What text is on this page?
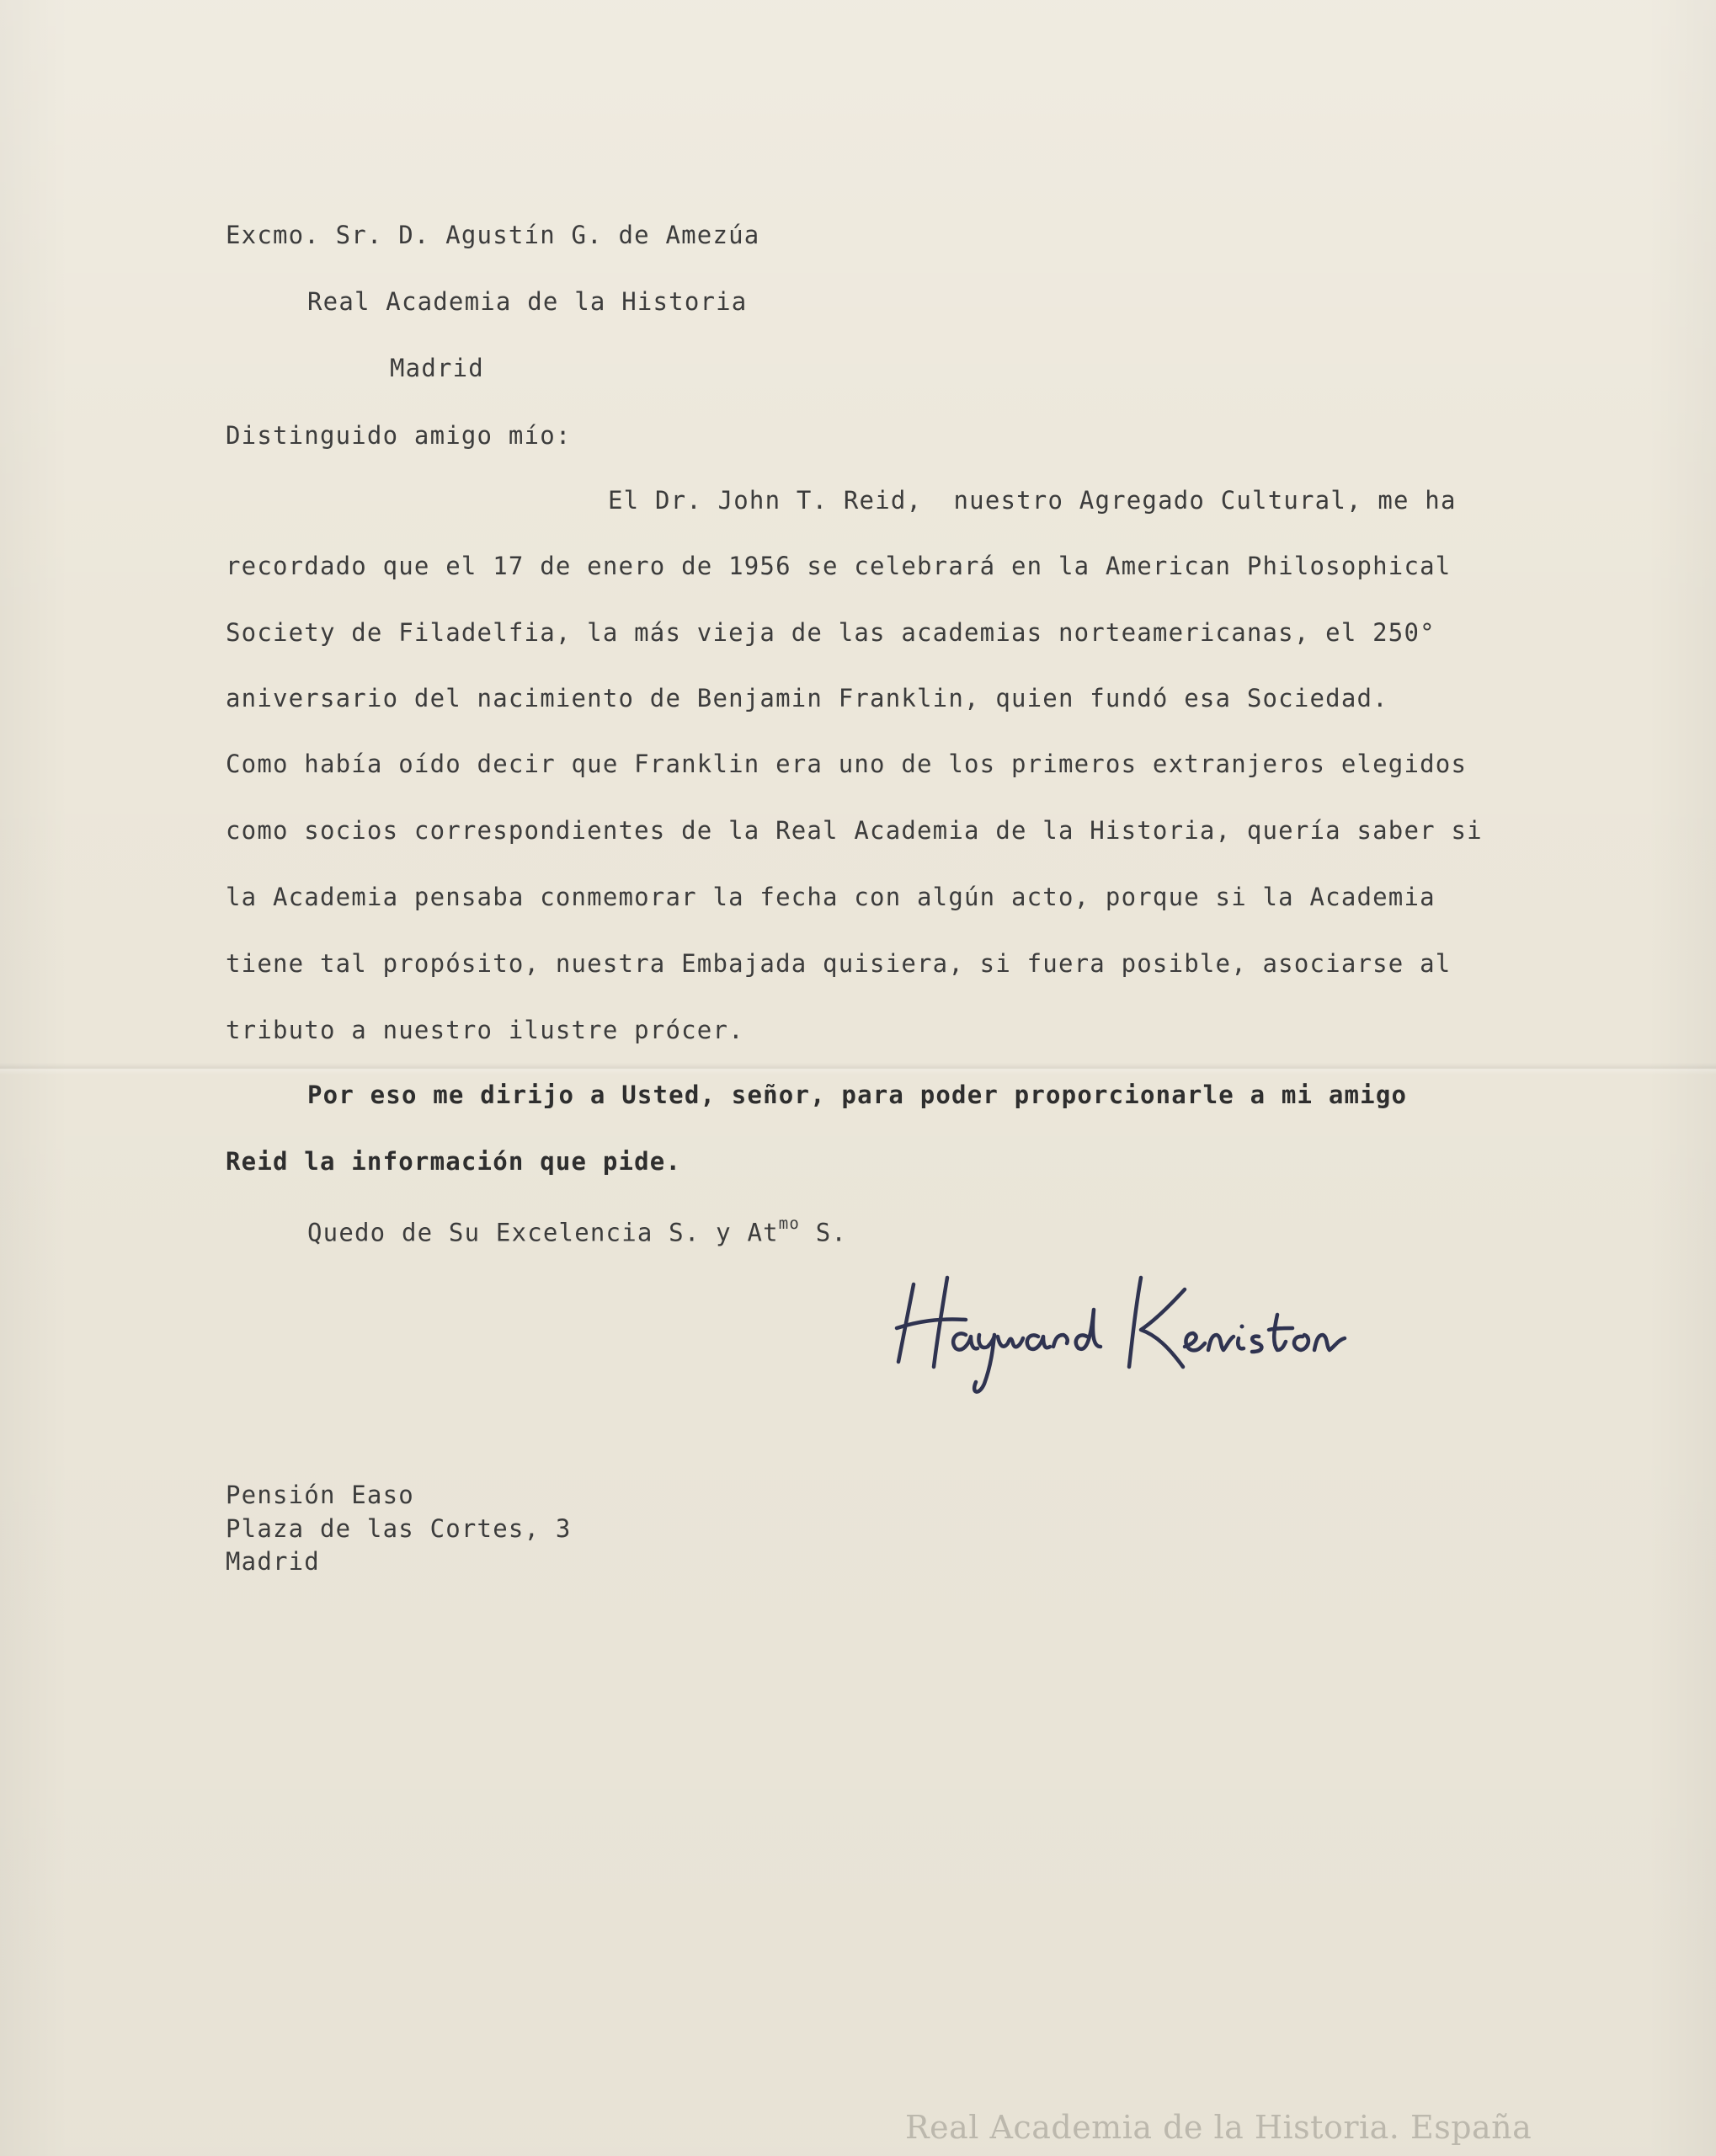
Excmo. Sr. D. Agustín G. de Amezúa
Real Academia de la Historia
Madrid
Distinguido amigo mío:
El Dr. John T. Reid,  nuestro Agregado Cultural, me ha
recordado que el 17 de enero de 1956 se celebrará en la American Philosophical
Society de Filadelfia, la más vieja de las academias norteamericanas, el 250°
aniversario del nacimiento de Benjamin Franklin, quien fundó esa Sociedad.
Como había oído decir que Franklin era uno de los primeros extranjeros elegidos
como socios correspondientes de la Real Academia de la Historia, quería saber si
la Academia pensaba conmemorar la fecha con algún acto, porque si la Academia
tiene tal propósito, nuestra Embajada quisiera, si fuera posible, asociarse al
tributo a nuestro ilustre prócer.
Por eso me dirijo a Usted, señor, para poder proporcionarle a mi amigo
Reid la información que pide.
Quedo de Su Excelencia S. y $At^{mo}$ S.
Pensión Easo
Plaza de las Cortes, 3
Madrid
Real Academia de la Historia. España
